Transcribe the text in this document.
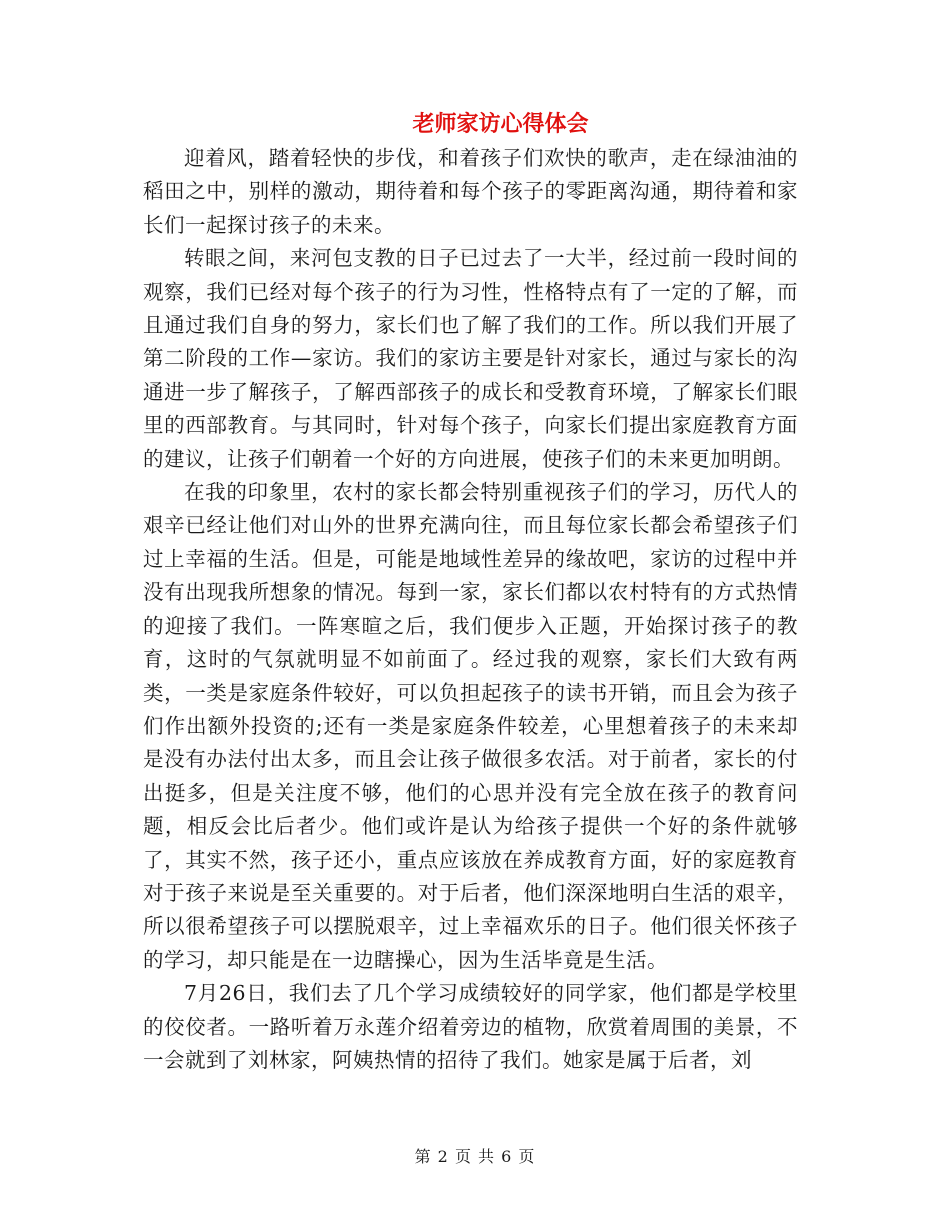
老师家访心得体会

迎着风，踏着轻快的步伐，和着孩子们欢快的歌声，走在绿油油的稻田之中，别样的激动，期待着和每个孩子的零距离沟通，期待着和家长们一起探讨孩子的未来。

转眼之间，来河包支教的日子已过去了一大半，经过前一段时间的观察，我们已经对每个孩子的行为习性，性格特点有了一定的了解，而且通过我们自身的努力，家长们也了解了我们的工作。所以我们开展了第二阶段的工作—家访。我们的家访主要是针对家长，通过与家长的沟通进一步了解孩子，了解西部孩子的成长和受教育环境，了解家长们眼里的西部教育。与其同时，针对每个孩子，向家长们提出家庭教育方面的建议，让孩子们朝着一个好的方向进展，使孩子们的未来更加明朗。

在我的印象里，农村的家长都会特别重视孩子们的学习，历代人的艰辛已经让他们对山外的世界充满向往，而且每位家长都会希望孩子们过上幸福的生活。但是，可能是地域性差异的缘故吧，家访的过程中并没有出现我所想象的情况。每到一家，家长们都以农村特有的方式热情的迎接了我们。一阵寒暄之后，我们便步入正题，开始探讨孩子的教育，这时的气氛就明显不如前面了。经过我的观察，家长们大致有两类，一类是家庭条件较好，可以负担起孩子的读书开销，而且会为孩子们作出额外投资的;还有一类是家庭条件较差，心里想着孩子的未来却是没有办法付出太多，而且会让孩子做很多农活。对于前者，家长的付出挺多，但是关注度不够，他们的心思并没有完全放在孩子的教育问题，相反会比后者少。他们或许是认为给孩子提供一个好的条件就够了，其实不然，孩子还小，重点应该放在养成教育方面，好的家庭教育对于孩子来说是至关重要的。对于后者，他们深深地明白生活的艰辛，所以很希望孩子可以摆脱艰辛，过上幸福欢乐的日子。他们很关怀孩子的学习，却只能是在一边瞎操心，因为生活毕竟是生活。

7月26日，我们去了几个学习成绩较好的同学家，他们都是学校里的佼佼者。一路听着万永莲介绍着旁边的植物，欣赏着周围的美景，不一会就到了刘林家，阿姨热情的招待了我们。她家是属于后者，刘

第 2 页 共 6 页
